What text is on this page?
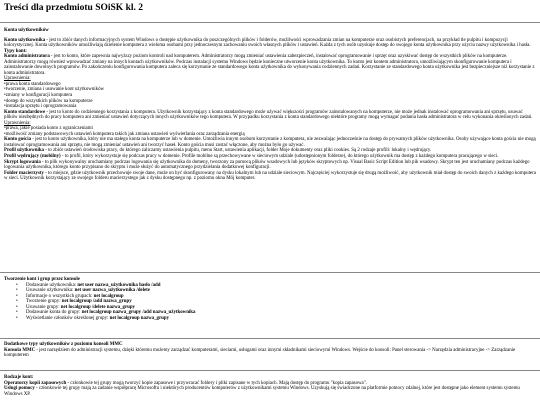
Treści dla przedmiotu SOiSK kl. 2

Konta użytkowników

Konto użytkownika - jest to zbiór danych informacyjnych system Windows o dostępie użytkownika do poszczególnych plików i folderów, możliwości wprowadzania zmian na komputerze oraz osobistych preferencjach, na przykład tle pulpitu i kompozycji kolorystycznej. Konta użytkowników umożliwiają dzielenie komputera z wieloma osobami przy jednoczesnym zachowaniu swoich własnych plików i ustawień. Każda z tych osób uzyskuje dostęp do swojego konta użytkownika przy użyciu nazwy użytkownika i hasła.

Typy kont:

Konto administratora - jest to konto, które zapewnia najwyższy poziom kontroli nad komputerem. Administratorzy mogą zmieniać ustawienia zabezpieczeń, instalować oprogramowanie i sprzęt oraz uzyskiwać dostęp do wszystkich plików na komputerze. Administratorzy mogą również wprowadzać zmiany na innych kontach użytkowników. Podczas instalacji systemu Windows będzie konieczne utworzenie konta użytkownika. To konto jest kontem administratora, umożliwiającym skonfigurowanie komputera i zainstalowanie dowolnych programów. Po zakończeniu konfigurowania komputera zaleca się korzystanie ze standardowego konta użytkownika do wykonywania codziennych zadań. Korzystanie ze standardowego konta użytkownika jest bezpieczniejsze niż korzystanie z konta administratora.

Uprawnienia:

•prawa konta standardowego

•tworzenie, zmiana i usuwanie kont użytkowników

•zmiany w konfiguracji komputera

•dostęp do wszystkich plików na komputerze

•instalacja sprzętu i oprogramowania

Konto standardowe - jest to konto do codziennego korzystania z komputera. Użytkownik korzystający z konta standardowego może używać większości programów zainstalowanych na komputerze, nie może jednak instalować oprogramowania ani sprzętu, usuwać plików niezbędnych do pracy komputera ani zmieniać ustawień dotyczących innych użytkowników tego komputera. W przypadku korzystania z konta standardowego niektóre programy mogą wymagać podania hasła administratora w celu wykonania określonych zadań.

Uprawnienia:

•prawa, jakie posiada konto z ograniczeniami

•możliwość zmiany podstawowych ustawień komputera takich jak zmiana ustawień wyświetlania oraz zarządzania energią

Konto gościa - jest to konto użytkownika, który nie ma stałego konta na komputerze lub w domenie. Umożliwia innym osobom korzystanie z komputera, nie zezwalając jednocześnie na dostęp do prywatnych plików użytkownika. Osoby używające konta gościa nie mogą instalować oprogramowania ani sprzętu, nie mogą zmieniać ustawień ani tworzyć haseł. Konto gościa musi zostać włączone, aby można było go używać.

Profil użytkownika - to zbiór ustawień środowiska pracy, do którego zaliczamy ustawienia pulpitu, menu Start, ustawienia aplikacji, folder Moje dokumenty oraz pliki cookies. Są 2 rodzaje profili: lokalny i wędrujący.

Profil wędrujący (mobilny) - to profil, który wykorzystuje się podczas pracy w domenie. Profile mobilne są przechowywane w sieciowym udziale (udostępnionym folderze), do którego użytkownik ma dostęp z każdego komputera pracującego w sieci.

Skrypt logowania - to plik wykonywalny uruchamiany podczas logowania się użytkownika do domeny, tworzony za pomocą plików wsadowych lub języków skryptowych np. Visual Basic Script Edition lub pik wsadowy. Skrypt ten jest uruchamiany podczas każdego logowania użytkownika, którego konto przypisano do skryptu i może służyć do automatycznego przydzielania dodatkowej konfiguracji.

Folder macierzysty - to miejsce, gdzie użytkownik przechowuje swoje dane, może on być skonfigurowany na dysku lokalnym lub na udziale sieciowym. Najczęściej wykorzystuje się drugą możliwość, aby użytkownik miał dostęp do swoich danych z każdego komputera w sieci. Użytkownik korzystający ze swojego folderu macierzystego jak z dysku dostępnego np. z poziomu okna Mój komputer.

Tworzenie kont i grup przez konsole

• Dodawanie użytkownika: net user nazwa_użytkownika hasło /add
• Usuwanie użytkownika: net user nazwa_użytkownika /delete
• Informacje o wszystkich grupach: net localgroup
• Tworzenie grupy: net localgroup /add nazwa_grupy
• Usuwanie grupy: net localgroup /delete nazwa_grupy
• Dodawanie konta do grupy: net localgroup nazwa_grupy /add nazwa_użytkownika
• Wyświetlanie członków określonej grupy: net localgroup nazwa_grupy

Dodatkowe typy użytkowników z poziomu konsoli MMC

Konsola MMC - jest narzędziem do administracji systemu, dzięki któremu możemy zarządzać komputerami, sieciami, usługami oraz innymi składnikami sieciowymi Windows. Wejście do konsoli: Panel sterowania -> Narzędzia administracyjne -> Zarządzanie komputerem

Rodzaje kont:

Operatorzy kopii zapasowych - członkowie tej grupy mogą tworzyć kopie zapasowe i przywracać foldery i pliki zapisane w tych kopiach. Mają dostęp do programu "kopia zapasowa".

Usługi pomocy - członkowie tej grupy mają za zadanie współpracę Microsoftu i niektórych producentów komputerów z użytkownikami systemu Windows. Uzyskują się świadczone na platformie pomocy zdalnej, które jest dostępne jako element systemu systemu Windows XP.
